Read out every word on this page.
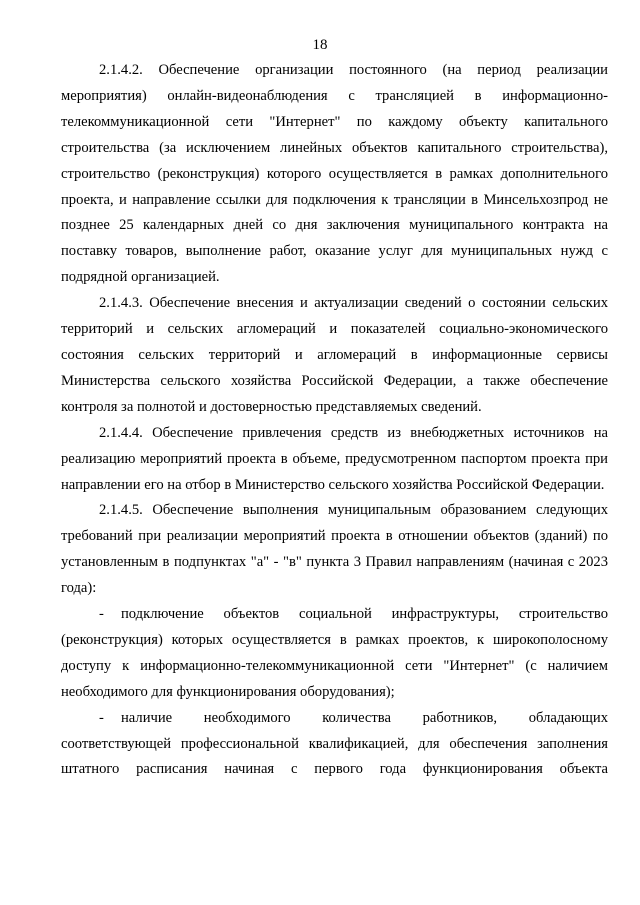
18

2.1.4.2. Обеспечение организации постоянного (на период реализации мероприятия) онлайн-видеонаблюдения с трансляцией в информационно-телекоммуникационной сети "Интернет" по каждому объекту капитального строительства (за исключением линейных объектов капитального строительства), строительство (реконструкция) которого осуществляется в рамках дополнительного проекта, и направление ссылки для подключения к трансляции в Минсельхозпрод не позднее 25 календарных дней со дня заключения муниципального контракта на поставку товаров, выполнение работ, оказание услуг для муниципальных нужд с подрядной организацией.

2.1.4.3. Обеспечение внесения и актуализации сведений о состоянии сельских территорий и сельских агломераций и показателей социально-экономического состояния сельских территорий и агломераций в информационные сервисы Министерства сельского хозяйства Российской Федерации, а также обеспечение контроля за полнотой и достоверностью представляемых сведений.

2.1.4.4. Обеспечение привлечения средств из внебюджетных источников на реализацию мероприятий проекта в объеме, предусмотренном паспортом проекта при направлении его на отбор в Министерство сельского хозяйства Российской Федерации.

2.1.4.5. Обеспечение выполнения муниципальным образованием следующих требований при реализации мероприятий проекта в отношении объектов (зданий) по установленным в подпунктах "а" - "в" пункта 3 Правил направлениям (начиная с 2023 года):

- подключение объектов социальной инфраструктуры, строительство (реконструкция) которых осуществляется в рамках проектов, к широкополосному доступу к информационно-телекоммуникационной сети "Интернет" (с наличием необходимого для функционирования оборудования);

- наличие необходимого количества работников, обладающих соответствующей профессиональной квалификацией, для обеспечения заполнения штатного расписания начиная с первого года функционирования объекта
